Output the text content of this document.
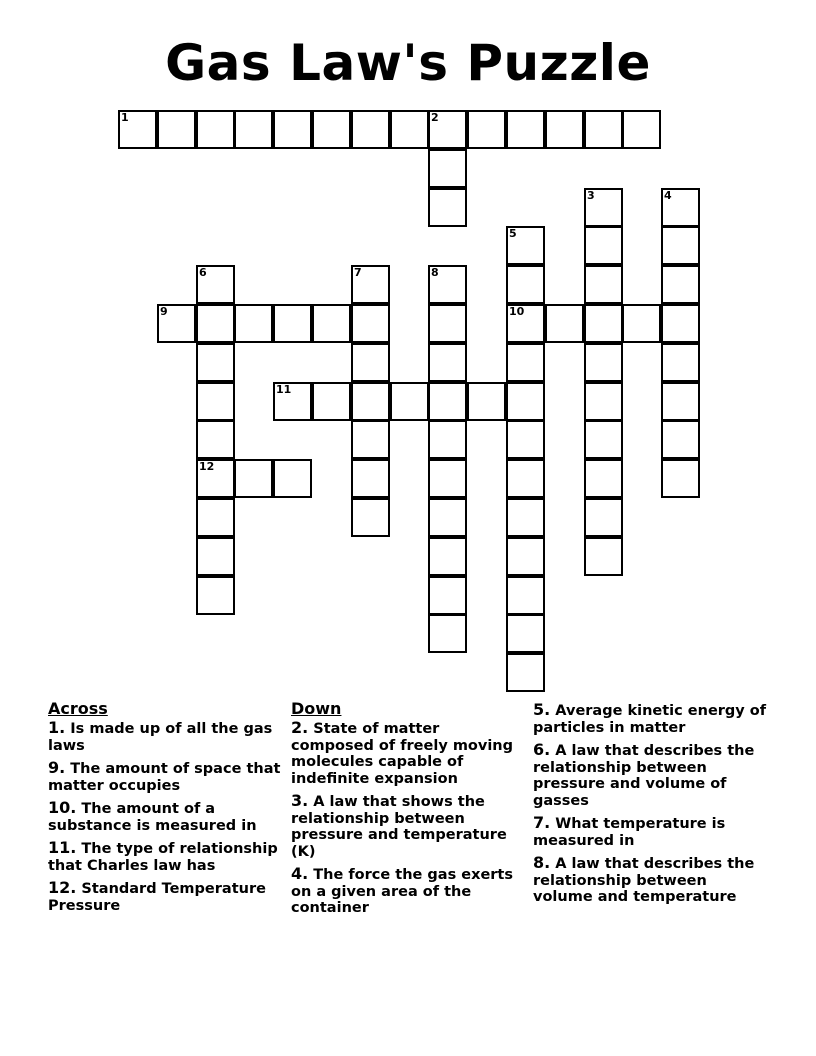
Gas Law's Puzzle
1	2
3	4
5
10
6
12
7	8
9
11
Across
1. Is made up of all the gas laws
9. The amount of space that matter occupies
10. The amount of a substance is measured in
11. The type of relationship that Charles law has
12. Standard Temperature Pressure
Down
2. State of matter composed of freely moving molecules capable of indefinite expansion
3. A law that shows the relationship between pressure and temperature (K)
4. The force the gas exerts on a given area of the container
5. Average kinetic energy of particles in matter
6. A law that describes the relationship between pressure and volume of gasses
7. What temperature is measured in
8. A law that describes the relationship between volume and temperature
